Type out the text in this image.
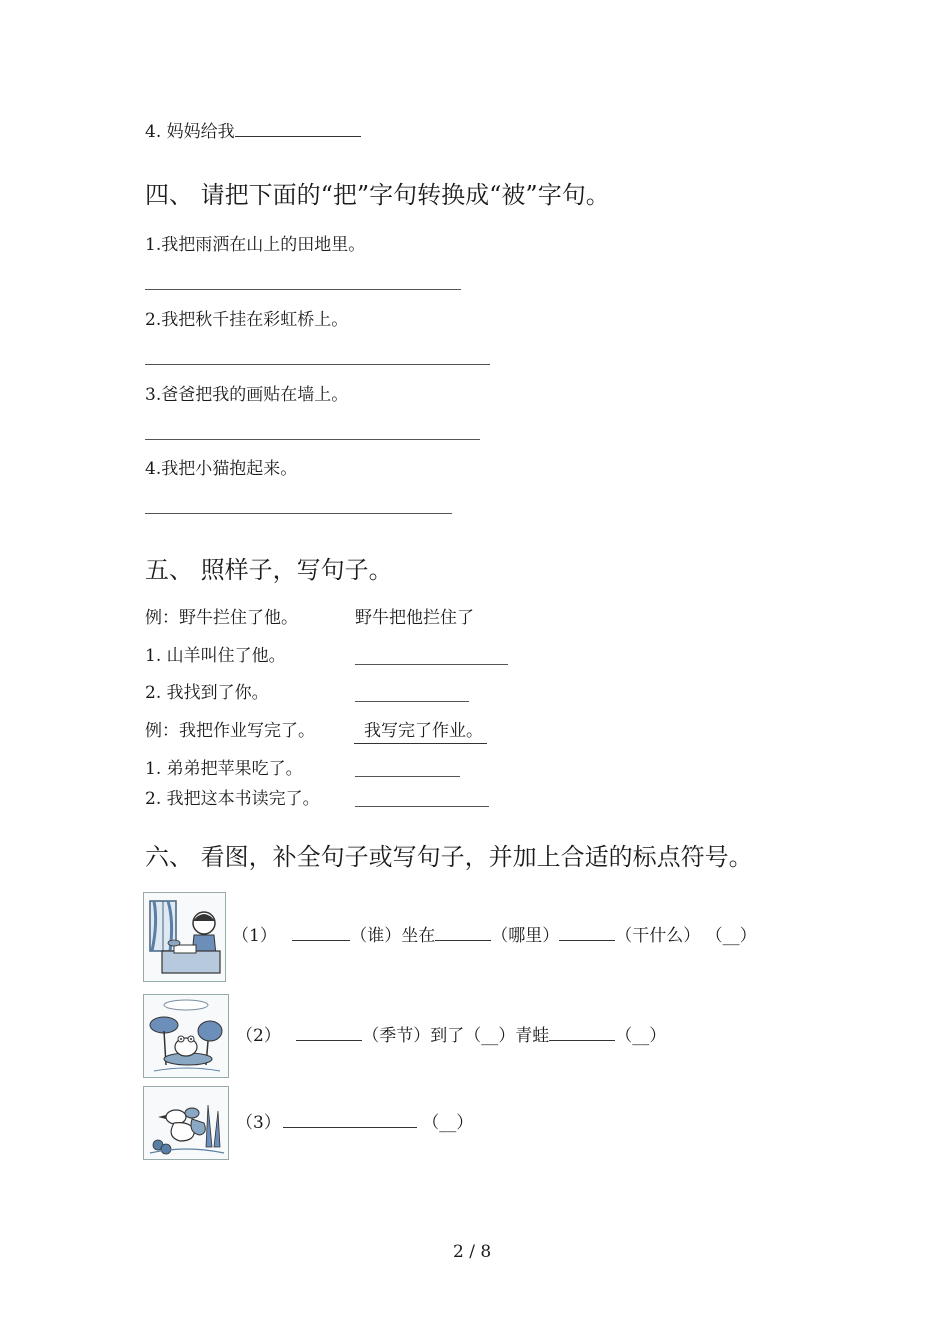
4. 妈妈给我
四、 请把下面的“把”字句转换成“被”字句。
1.我把雨洒在山上的田地里。
2.我把秋千挂在彩虹桥上。
3.爸爸把我的画贴在墙上。
4.我把小猫抱起来。
五、 照样子，写句子。
例：野牛拦住了他。	野牛把他拦住了
1. 山羊叫住了他。
2. 我找到了你。
例：我把作业写完了。	我写完了作业。
1. 弟弟把苹果吃了。
2. 我把这本书读完了。
六、 看图，补全句子或写句子，并加上合适的标点符号。
（1）	（谁）坐在	（哪里）	（干什么） （__）
（2）	（季节）到了（__）青蛙	（__）
（3）	（__）
2 / 8
